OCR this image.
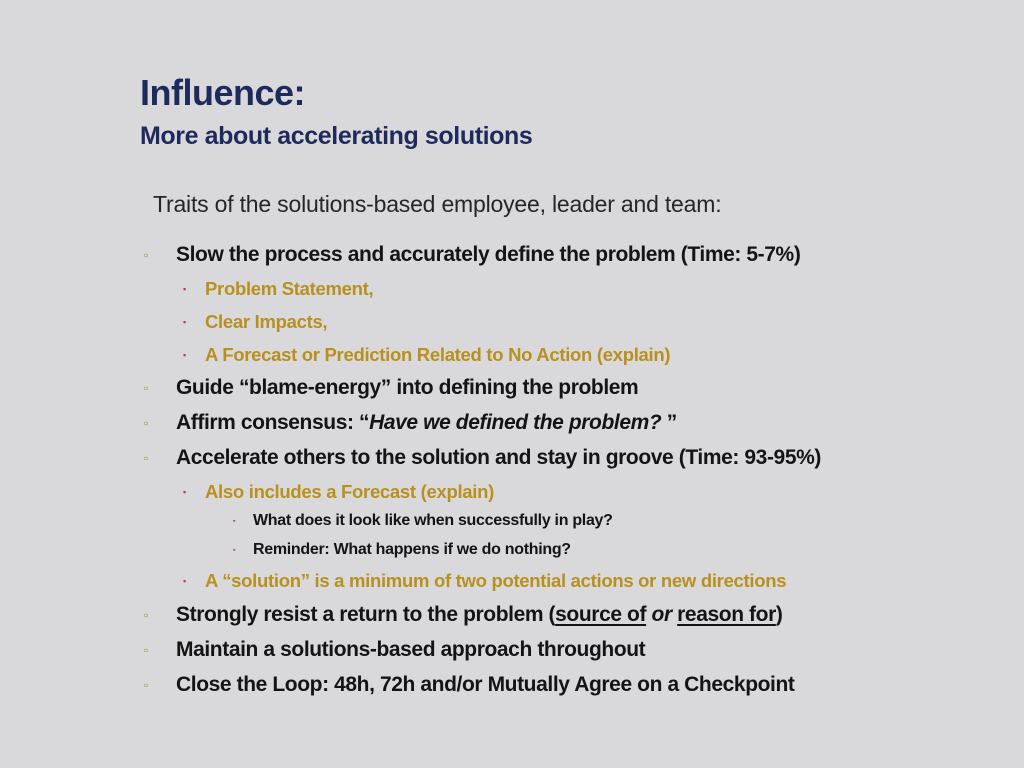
Influence:
More about accelerating solutions
Traits of the solutions-based employee, leader and team:
▫ Slow the process and accurately define the problem (Time: 5-7%)
▪ Problem Statement,
▪ Clear Impacts,
▪ A Forecast or Prediction Related to No Action (explain)
▫ Guide “blame-energy” into defining the problem
▫ Affirm consensus: “Have we defined the problem? ”
▫ Accelerate others to the solution and stay in groove (Time: 93-95%)
▪ Also includes a Forecast (explain)
▪ What does it look like when successfully in play?
▪ Reminder: What happens if we do nothing?
▪ A “solution” is a minimum of two potential actions or new directions
▫ Strongly resist a return to the problem (source of or reason for)
▫ Maintain a solutions-based approach throughout
▫ Close the Loop: 48h, 72h and/or Mutually Agree on a Checkpoint
